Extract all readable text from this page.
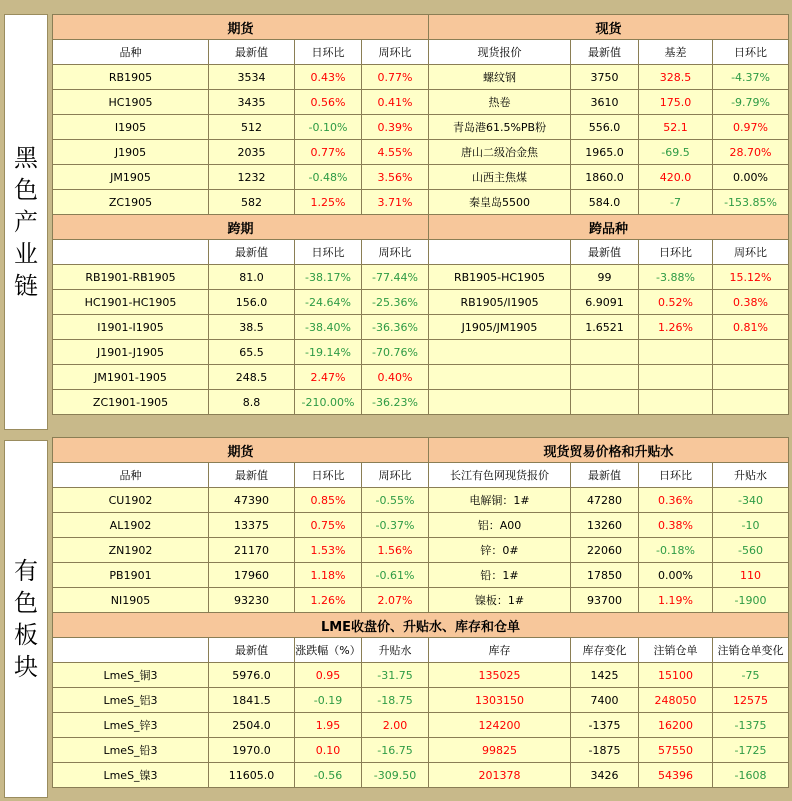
黑
色
产
业
链
有
色
板
块
期货				现货			
品种	最新值	日环比	周环比	现货报价	最新值	基差	日环比
RB1905	3534	0.43%	0.77%	螺纹钢	3750	328.5	-4.37%
HC1905	3435	0.56%	0.41%	热卷	3610	175.0	-9.79%
I1905	512	-0.10%	0.39%	青岛港61.5%PB粉	556.0	52.1	0.97%
J1905	2035	0.77%	4.55%	唐山二级冶金焦	1965.0	-69.5	28.70%
JM1905	1232	-0.48%	3.56%	山西主焦煤	1860.0	420.0	0.00%
ZC1905	582	1.25%	3.71%	秦皇岛5500	584.0	-7	-153.85%
跨期				跨品种			
	最新值	日环比	周环比		最新值	日环比	周环比
RB1901-RB1905	81.0	-38.17%	-77.44%	RB1905-HC1905	99	-3.88%	15.12%
HC1901-HC1905	156.0	-24.64%	-25.36%	RB1905/I1905	6.9091	0.52%	0.38%
I1901-I1905	38.5	-38.40%	-36.36%	J1905/JM1905	1.6521	1.26%	0.81%
J1901-J1905	65.5	-19.14%	-70.76%				
JM1901-1905	248.5	2.47%	0.40%				
ZC1901-1905	8.8	-210.00%	-36.23%				
期货				现货贸易价格和升贴水			
品种	最新值	日环比	周环比	长江有色网现货报价	最新值	日环比	升贴水
CU1902	47390	0.85%	-0.55%	电解铜：1#	47280	0.36%	-340
AL1902	13375	0.75%	-0.37%	铝：A00	13260	0.38%	-10
ZN1902	21170	1.53%	1.56%	锌：0#	22060	-0.18%	-560
PB1901	17960	1.18%	-0.61%	铅：1#	17850	0.00%	110
NI1905	93230	1.26%	2.07%	镍板：1#	93700	1.19%	-1900
LME收盘价、升贴水、库存和仓单							
	最新值	涨跌幅（%）	升贴水	库存	库存变化	注销仓单	注销仓单变化
LmeS_铜3	5976.0	0.95	-31.75	135025	1425	15100	-75
LmeS_铝3	1841.5	-0.19	-18.75	1303150	7400	248050	12575
LmeS_锌3	2504.0	1.95	2.00	124200	-1375	16200	-1375
LmeS_铅3	1970.0	0.10	-16.75	99825	-1875	57550	-1725
LmeS_镍3	11605.0	-0.56	-309.50	201378	3426	54396	-1608
